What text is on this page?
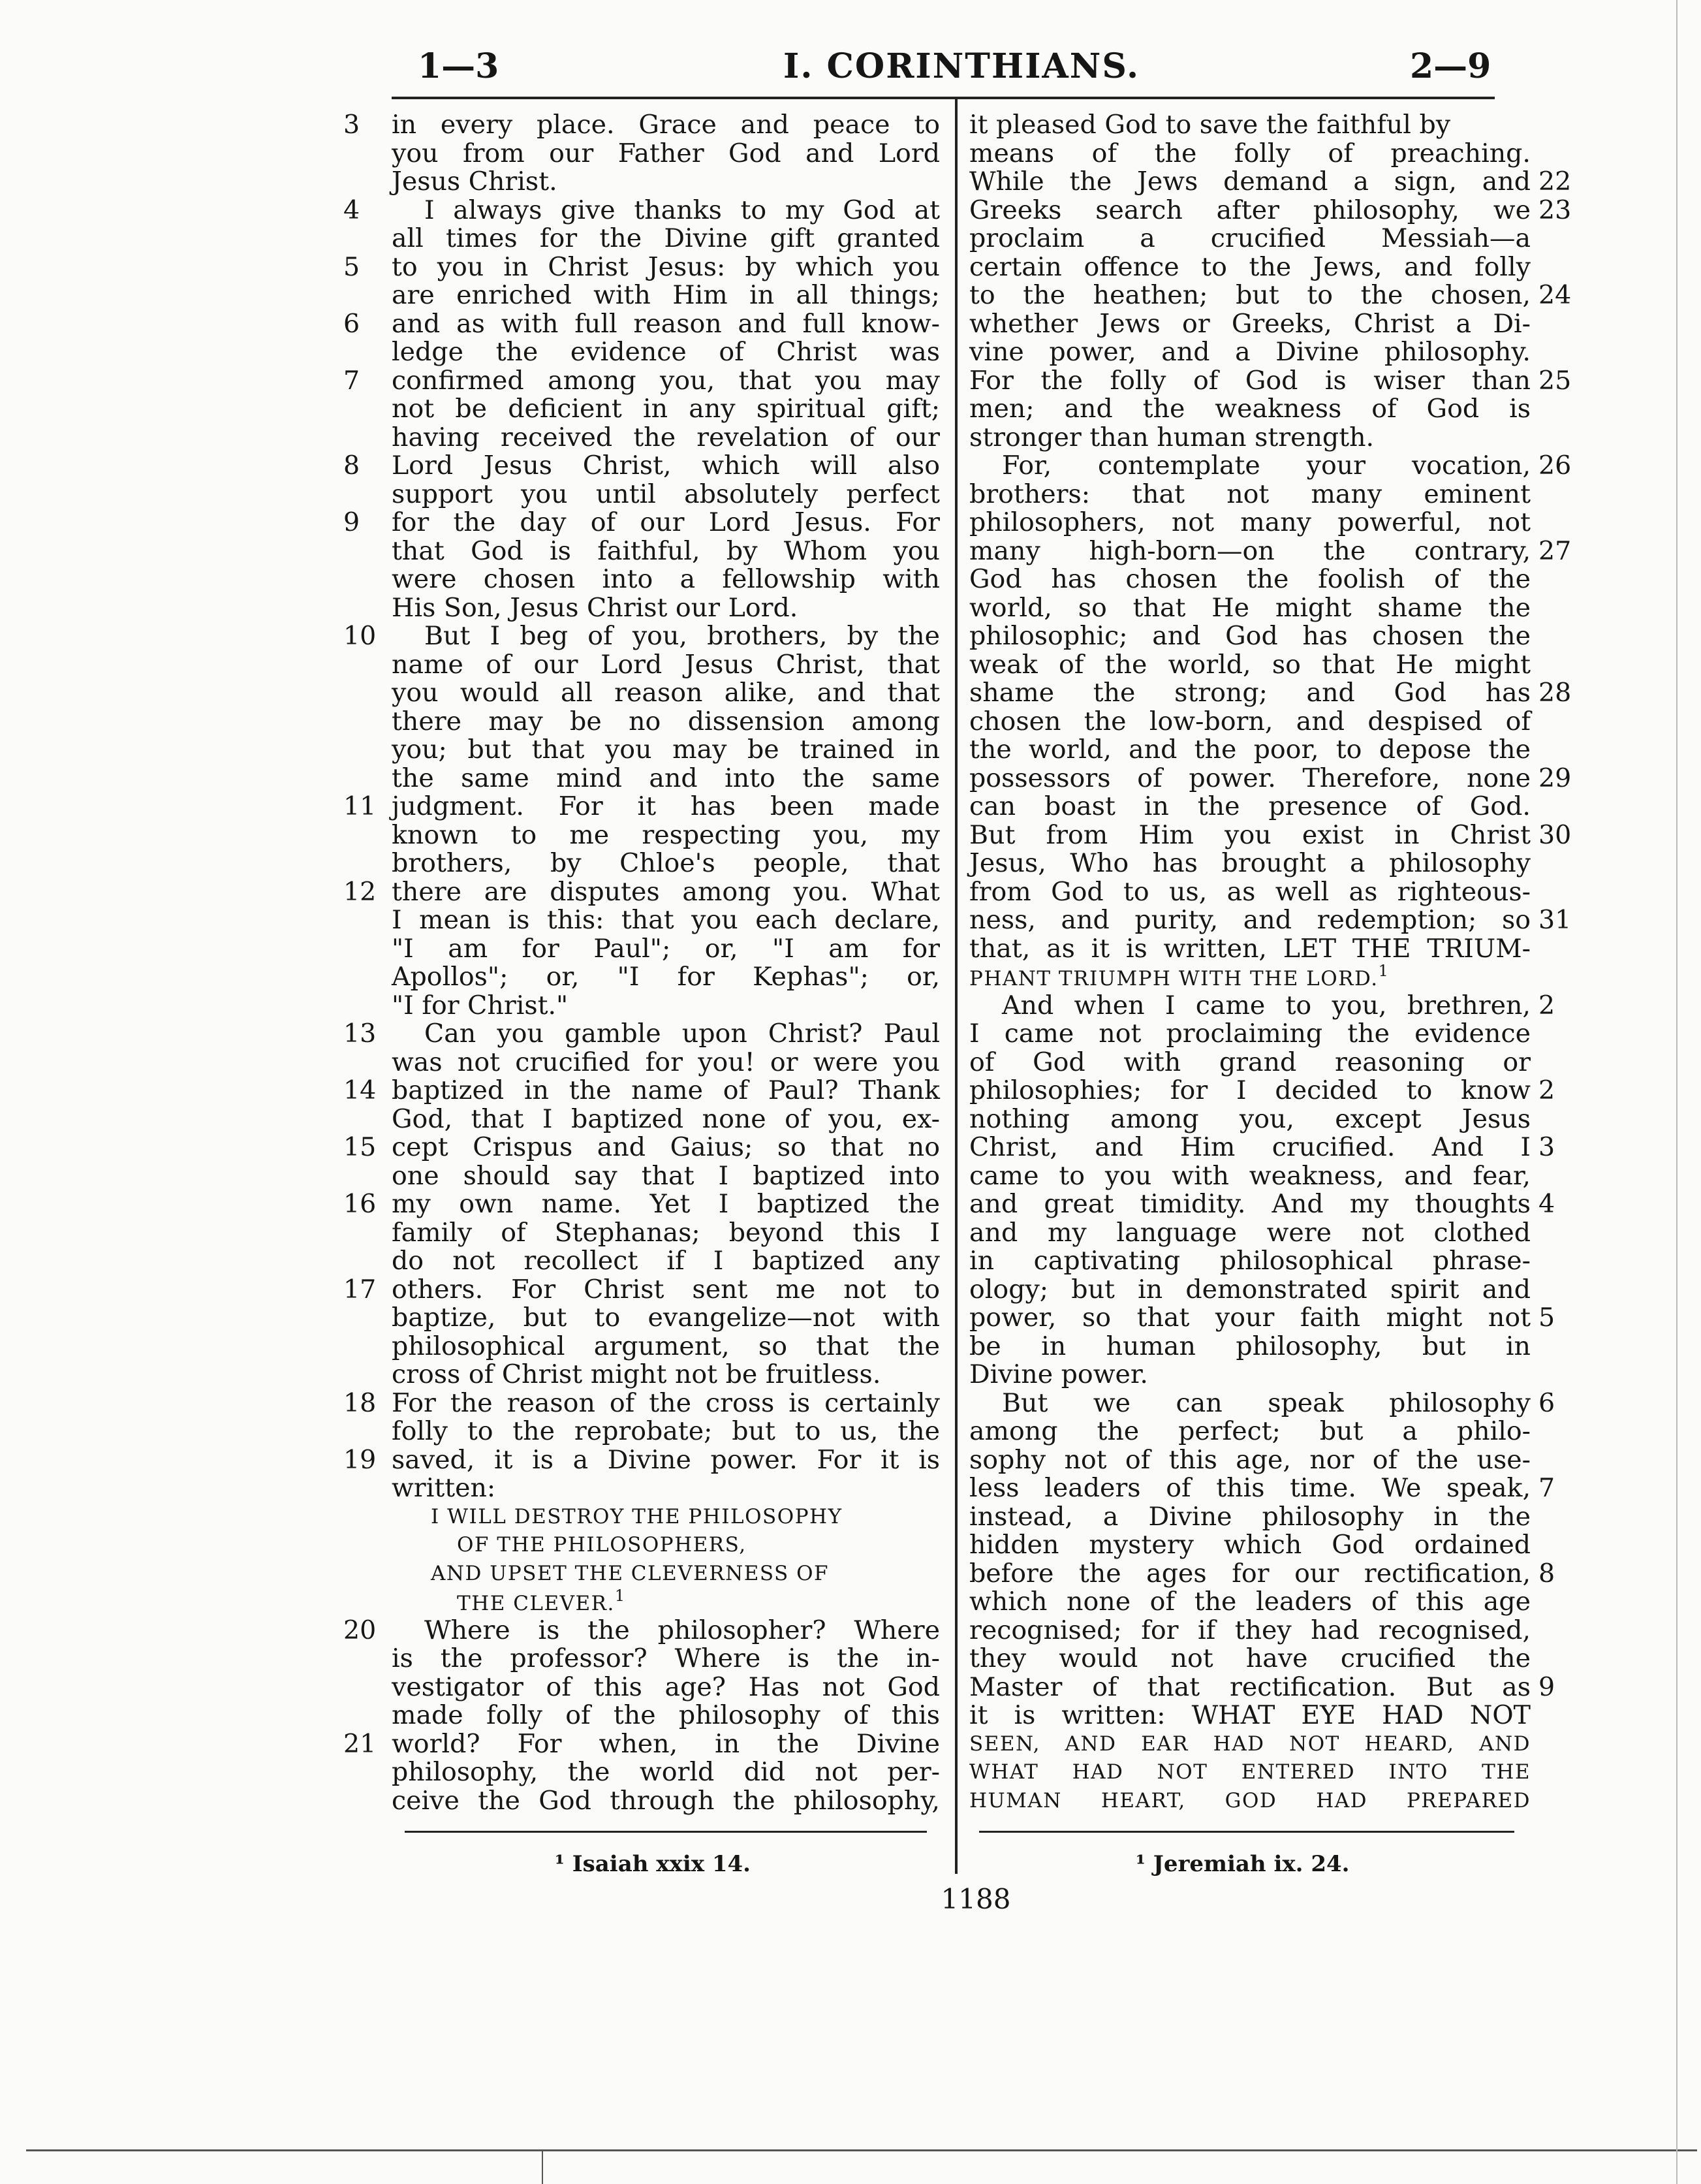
1—3	I. CORINTHIANS.	2—9
3	in every place. Grace and peace to
you from our Father God and Lord
Jesus Christ.
4	I always give thanks to my God at
all times for the Divine gift granted
5	to you in Christ Jesus: by which you
are enriched with Him in all things;
6	and as with full reason and full know-
ledge the evidence of Christ was
7	confirmed among you, that you may
not be deficient in any spiritual gift;
having received the revelation of our
8	Lord Jesus Christ, which will also
support you until absolutely perfect
9	for the day of our Lord Jesus. For
that God is faithful, by Whom you
were chosen into a fellowship with
His Son, Jesus Christ our Lord.
10	But I beg of you, brothers, by the
name of our Lord Jesus Christ, that
you would all reason alike, and that
there may be no dissension among
you; but that you may be trained in
the same mind and into the same
11 judgment. For it has been made
known to me respecting you, my
brothers, by Chloe's people, that
12 there are disputes among you. What
I mean is this: that you each declare,
"I am for Paul"; or, "I am for
Apollos"; or, "I for Kephas"; or,
"I for Christ."
13	Can you gamble upon Christ? Paul
was not crucified for you! or were you
14 baptized in the name of Paul? Thank
God, that I baptized none of you, ex-
15 cept Crispus and Gaius; so that no
one should say that I baptized into
16 my own name. Yet I baptized the
family of Stephanas; beyond this I
do not recollect if I baptized any
17 others. For Christ sent me not to
baptize, but to evangelize—not with
philosophical argument, so that the
cross of Christ might not be fruitless.
18 For the reason of the cross is certainly
folly to the reprobate; but to us, the
19 saved, it is a Divine power. For it is
written:
I WILL DESTROY THE PHILOSOPHY
OF THE PHILOSOPHERS,
AND UPSET THE CLEVERNESS OF
THE CLEVER.$^1$
20	Where is the philosopher? Where
is the professor? Where is the in-
vestigator of this age? Has not God
made folly of the philosophy of this
21 world? For when, in the Divine
philosophy, the world did not per-
ceive the God through the philosophy,
it pleased God to save the faithful by
means of the folly of preaching.
22
While the Jews demand a sign, and
23
Greeks search after philosophy, we
proclaim a crucified Messiah—a
certain offence to the Jews, and folly
24
to the heathen; but to the chosen,
whether Jews or Greeks, Christ a Di-
vine power, and a Divine philosophy.
25
For the folly of God is wiser than
men; and the weakness of God is
stronger than human strength.
26
For, contemplate your vocation,
brothers: that not many eminent
philosophers, not many powerful, not
27
many high-born—on the contrary,
God has chosen the foolish of the
world, so that He might shame the
philosophic; and God has chosen the
weak of the world, so that He might
28
shame the strong; and God has
chosen the low-born, and despised of
the world, and the poor, to depose the
29
possessors of power. Therefore, none
can boast in the presence of God.
30
But from Him you exist in Christ
Jesus, Who has brought a philosophy
from God to us, as well as righteous-
31
ness, and purity, and redemption; so
that, as it is written, LET THE TRIUM-
PHANT TRIUMPH WITH THE LORD.$^1$
2
And when I came to you, brethren,
I came not proclaiming the evidence
of God with grand reasoning or
2
philosophies; for I decided to know
nothing among you, except Jesus
3
Christ, and Him crucified. And I
came to you with weakness, and fear,
4
and great timidity. And my thoughts
and my language were not clothed
in captivating philosophical phrase-
ology; but in demonstrated spirit and
5
power, so that your faith might not
be in human philosophy, but in
Divine power.
6
But we can speak philosophy
among the perfect; but a philo-
sophy not of this age, nor of the use-
7
less leaders of this time. We speak,
instead, a Divine philosophy in the
hidden mystery which God ordained
8
before the ages for our rectification,
which none of the leaders of this age
recognised; for if they had recognised,
they would not have crucified the
9
Master of that rectification. But as
it is written: WHAT EYE HAD NOT
SEEN, AND EAR HAD NOT HEARD, AND
WHAT HAD NOT ENTERED INTO THE
HUMAN HEART, GOD HAD PREPARED
¹ Isaiah xxix 14.	¹ Jeremiah ix. 24.
1188
